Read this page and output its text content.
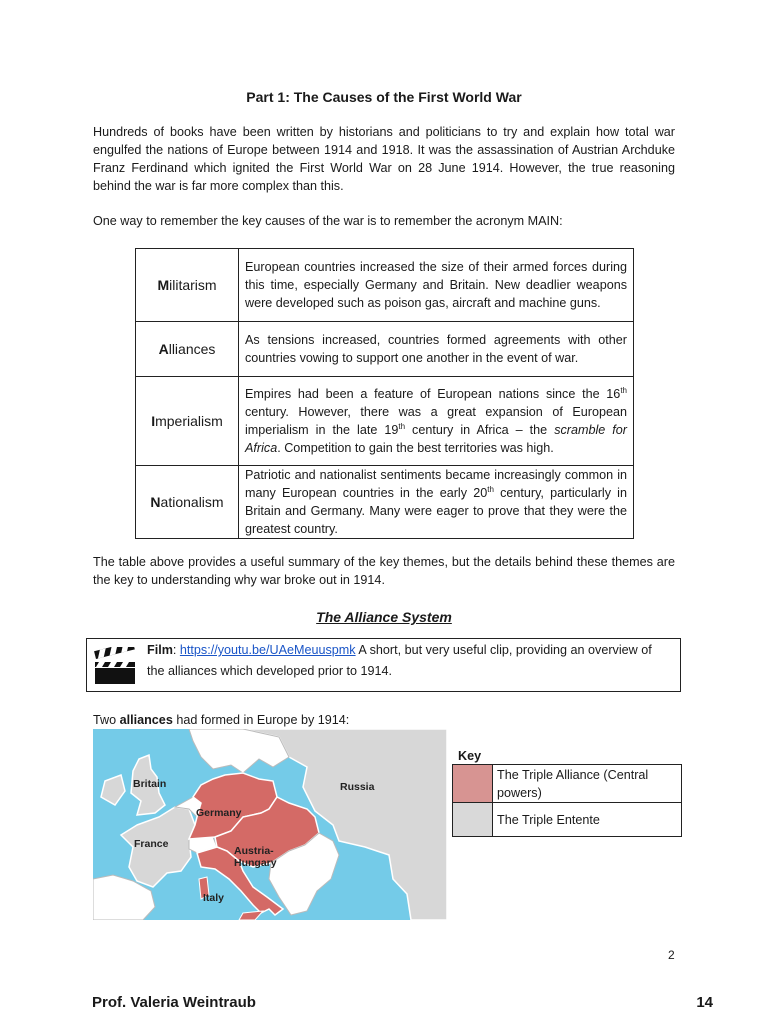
Part 1: The Causes of the First World War
Hundreds of books have been written by historians and politicians to try and explain how total war engulfed the nations of Europe between 1914 and 1918. It was the assassination of Austrian Archduke Franz Ferdinand which ignited the First World War on 28 June 1914. However, the true reasoning behind the war is far more complex than this.
One way to remember the key causes of the war is to remember the acronym MAIN:
Militarism	European countries increased the size of their armed forces during this time, especially Germany and Britain. New deadlier weapons were developed such as poison gas, aircraft and machine guns.
Alliances	As tensions increased, countries formed agreements with other countries vowing to support one another in the event of war.
Imperialism	Empires had been a feature of European nations since the 16th century. However, there was a great expansion of European imperialism in the late 19th century in Africa – the scramble for Africa. Competition to gain the best territories was high.
Nationalism	Patriotic and nationalist sentiments became increasingly common in many European countries in the early 20th century, particularly in Britain and Germany. Many were eager to prove that they were the greatest country.
The table above provides a useful summary of the key themes, but the details behind these themes are the key to understanding why war broke out in 1914.
The Alliance System
Film: https://youtu.be/UAeMeuuspmk A short, but very useful clip, providing an overview of the alliances which developed prior to 1914.
Two alliances had formed in Europe by 1914:
Britain	Russia
Germany
France
Austria-
Hungary
Italy
Key
	The Triple Alliance (Central powers)
	The Triple Entente
2
Prof. Valeria Weintraub	14
